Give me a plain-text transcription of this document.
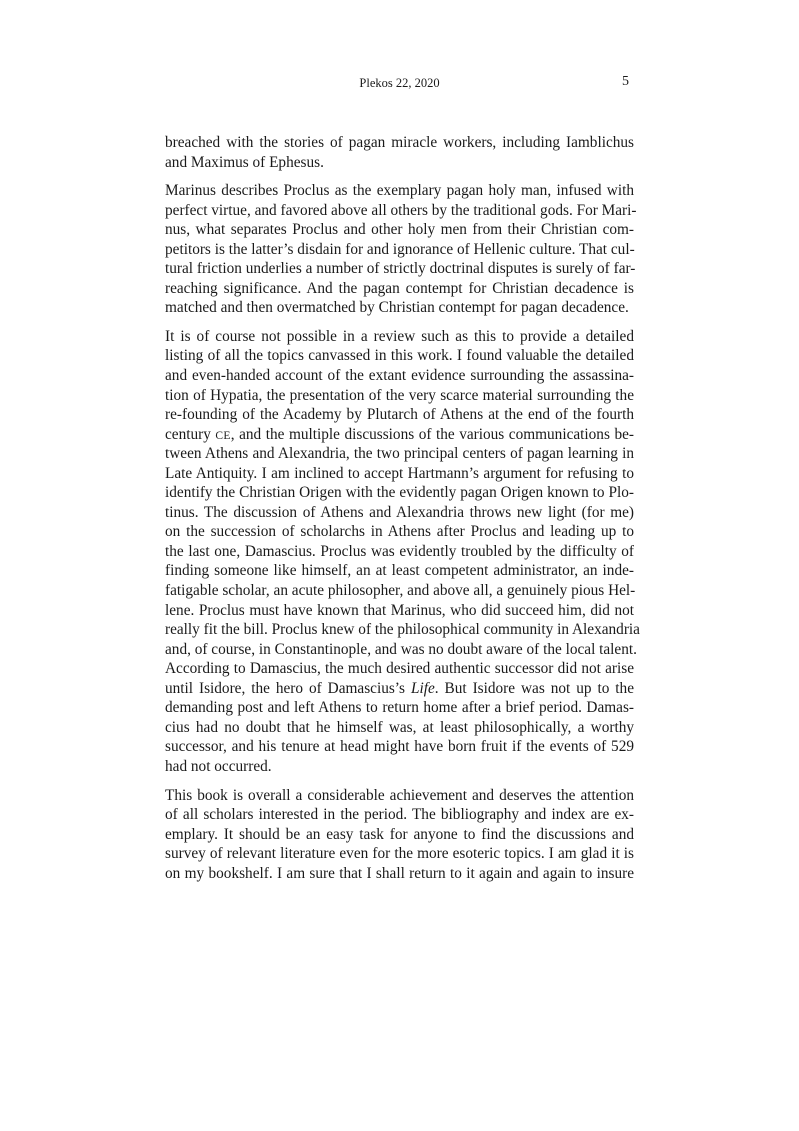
Plekos 22, 2020	5
breached with the stories of pagan miracle workers, including Iamblichus
and Maximus of Ephesus.
Marinus describes Proclus as the exemplary pagan holy man, infused with
perfect virtue, and favored above all others by the traditional gods. For Mari-
nus, what separates Proclus and other holy men from their Christian com-
petitors is the latter’s disdain for and ignorance of Hellenic culture. That cul-
tural friction underlies a number of strictly doctrinal disputes is surely of far-
reaching significance. And the pagan contempt for Christian decadence is
matched and then overmatched by Christian contempt for pagan decadence.
It is of course not possible in a review such as this to provide a detailed
listing of all the topics canvassed in this work. I found valuable the detailed
and even-handed account of the extant evidence surrounding the assassina-
tion of Hypatia, the presentation of the very scarce material surrounding the
re-founding of the Academy by Plutarch of Athens at the end of the fourth
century CE, and the multiple discussions of the various communications be-
tween Athens and Alexandria, the two principal centers of pagan learning in
Late Antiquity. I am inclined to accept Hartmann’s argument for refusing to
identify the Christian Origen with the evidently pagan Origen known to Plo-
tinus. The discussion of Athens and Alexandria throws new light (for me)
on the succession of scholarchs in Athens after Proclus and leading up to
the last one, Damascius. Proclus was evidently troubled by the difficulty of
finding someone like himself, an at least competent administrator, an inde-
fatigable scholar, an acute philosopher, and above all, a genuinely pious Hel-
lene. Proclus must have known that Marinus, who did succeed him, did not
really fit the bill. Proclus knew of the philosophical community in Alexandria
and, of course, in Constantinople, and was no doubt aware of the local talent.
According to Damascius, the much desired authentic successor did not arise
until Isidore, the hero of Damascius’s Life. But Isidore was not up to the
demanding post and left Athens to return home after a brief period. Damas-
cius had no doubt that he himself was, at least philosophically, a worthy
successor, and his tenure at head might have born fruit if the events of 529
had not occurred.
This book is overall a considerable achievement and deserves the attention
of all scholars interested in the period. The bibliography and index are ex-
emplary. It should be an easy task for anyone to find the discussions and
survey of relevant literature even for the more esoteric topics. I am glad it is
on my bookshelf. I am sure that I shall return to it again and again to insure
